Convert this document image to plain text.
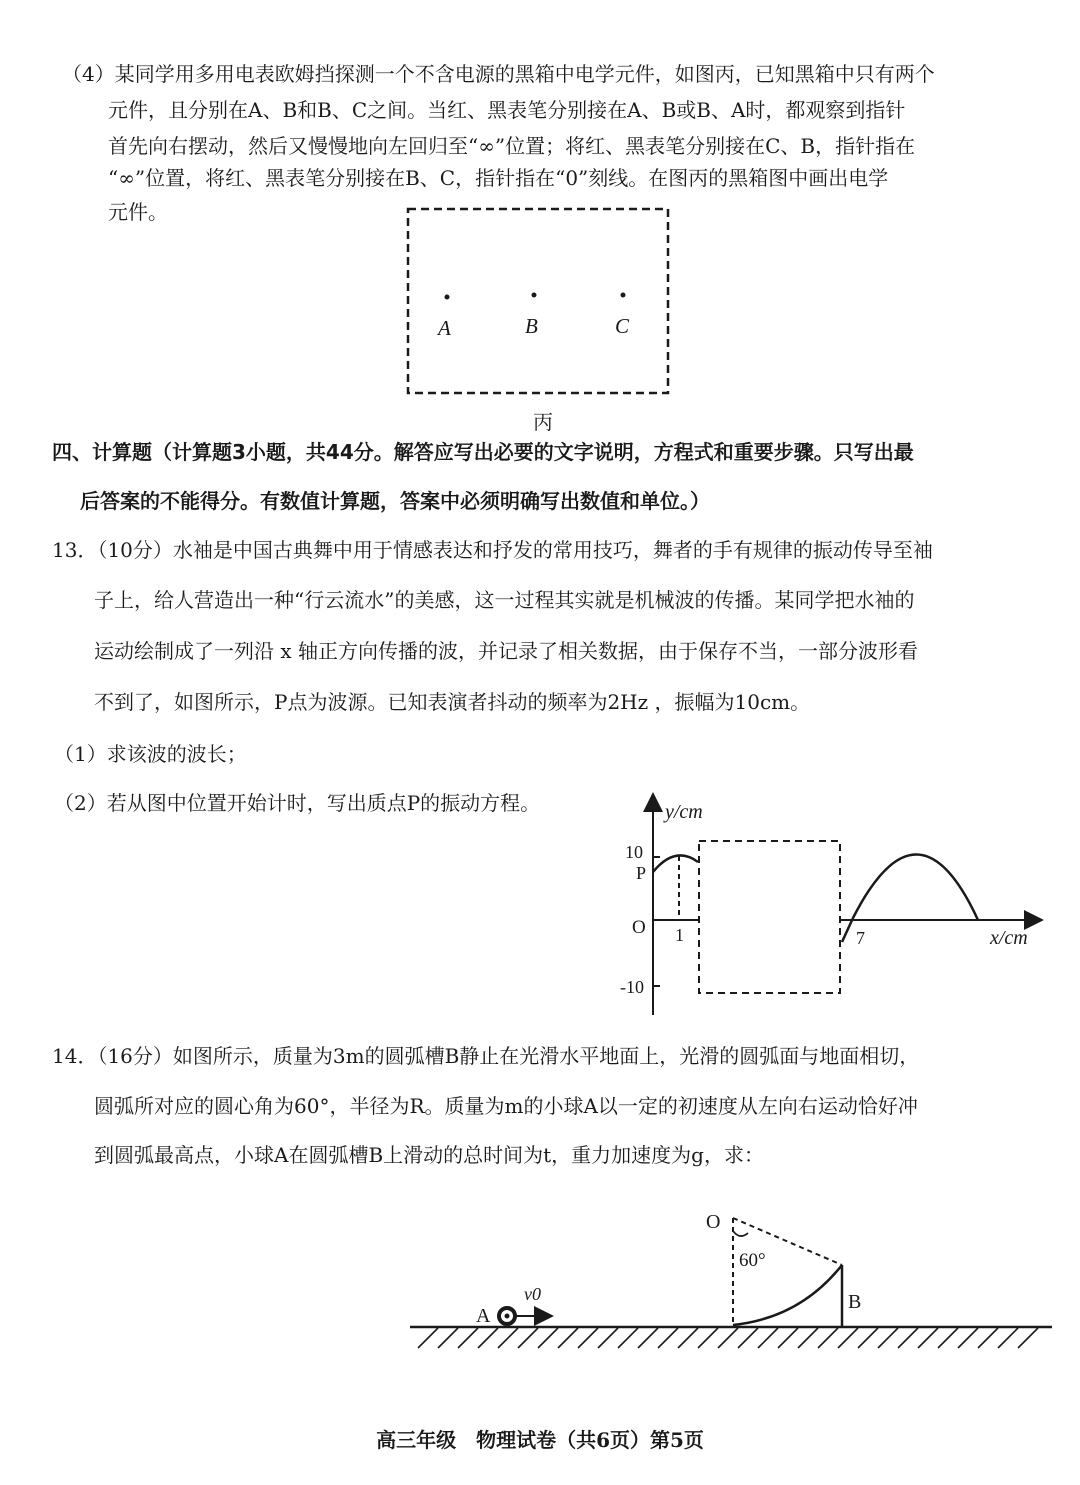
（4）某同学用多用电表欧姆挡探测一个不含电源的黑箱中电学元件，如图丙，已知黑箱中只有两个
元件，且分别在A、B和B、C之间。当红、黑表笔分别接在A、B或B、A时，都观察到指针
首先向右摆动，然后又慢慢地向左回归至“∞”位置；将红、黑表笔分别接在C、B，指针指在
“∞”位置，将红、黑表笔分别接在B、C，指针指在“0”刻线。在图丙的黑箱图中画出电学
元件。
A	B	C
丙
四、计算题（计算题3小题，共44分。解答应写出必要的文字说明，方程式和重要步骤。只写出最
后答案的不能得分。有数值计算题，答案中必须明确写出数值和单位。）
13．（10分）水袖是中国古典舞中用于情感表达和抒发的常用技巧，舞者的手有规律的振动传导至袖
子上，给人营造出一种“行云流水”的美感，这一过程其实就是机械波的传播。某同学把水袖的
运动绘制成了一列沿 x 轴正方向传播的波，并记录了相关数据，由于保存不当，一部分波形看
不到了，如图所示，P点为波源。已知表演者抖动的频率为2Hz ，振幅为10cm。
（1）求该波的波长；
（2）若从图中位置开始计时，写出质点P的振动方程。	y/cm
x/cm
O
10
-10
P
1	7
14．（16分）如图所示，质量为3m的圆弧槽B静止在光滑水平地面上，光滑的圆弧面与地面相切，
圆弧所对应的圆心角为60°，半径为R。质量为m的小球A以一定的初速度从左向右运动恰好冲
到圆弧最高点，小球A在圆弧槽B上滑动的总时间为t，重力加速度为g，求：
A
v0
O
60°
B
高三年级　物理试卷（共6页）第5页
